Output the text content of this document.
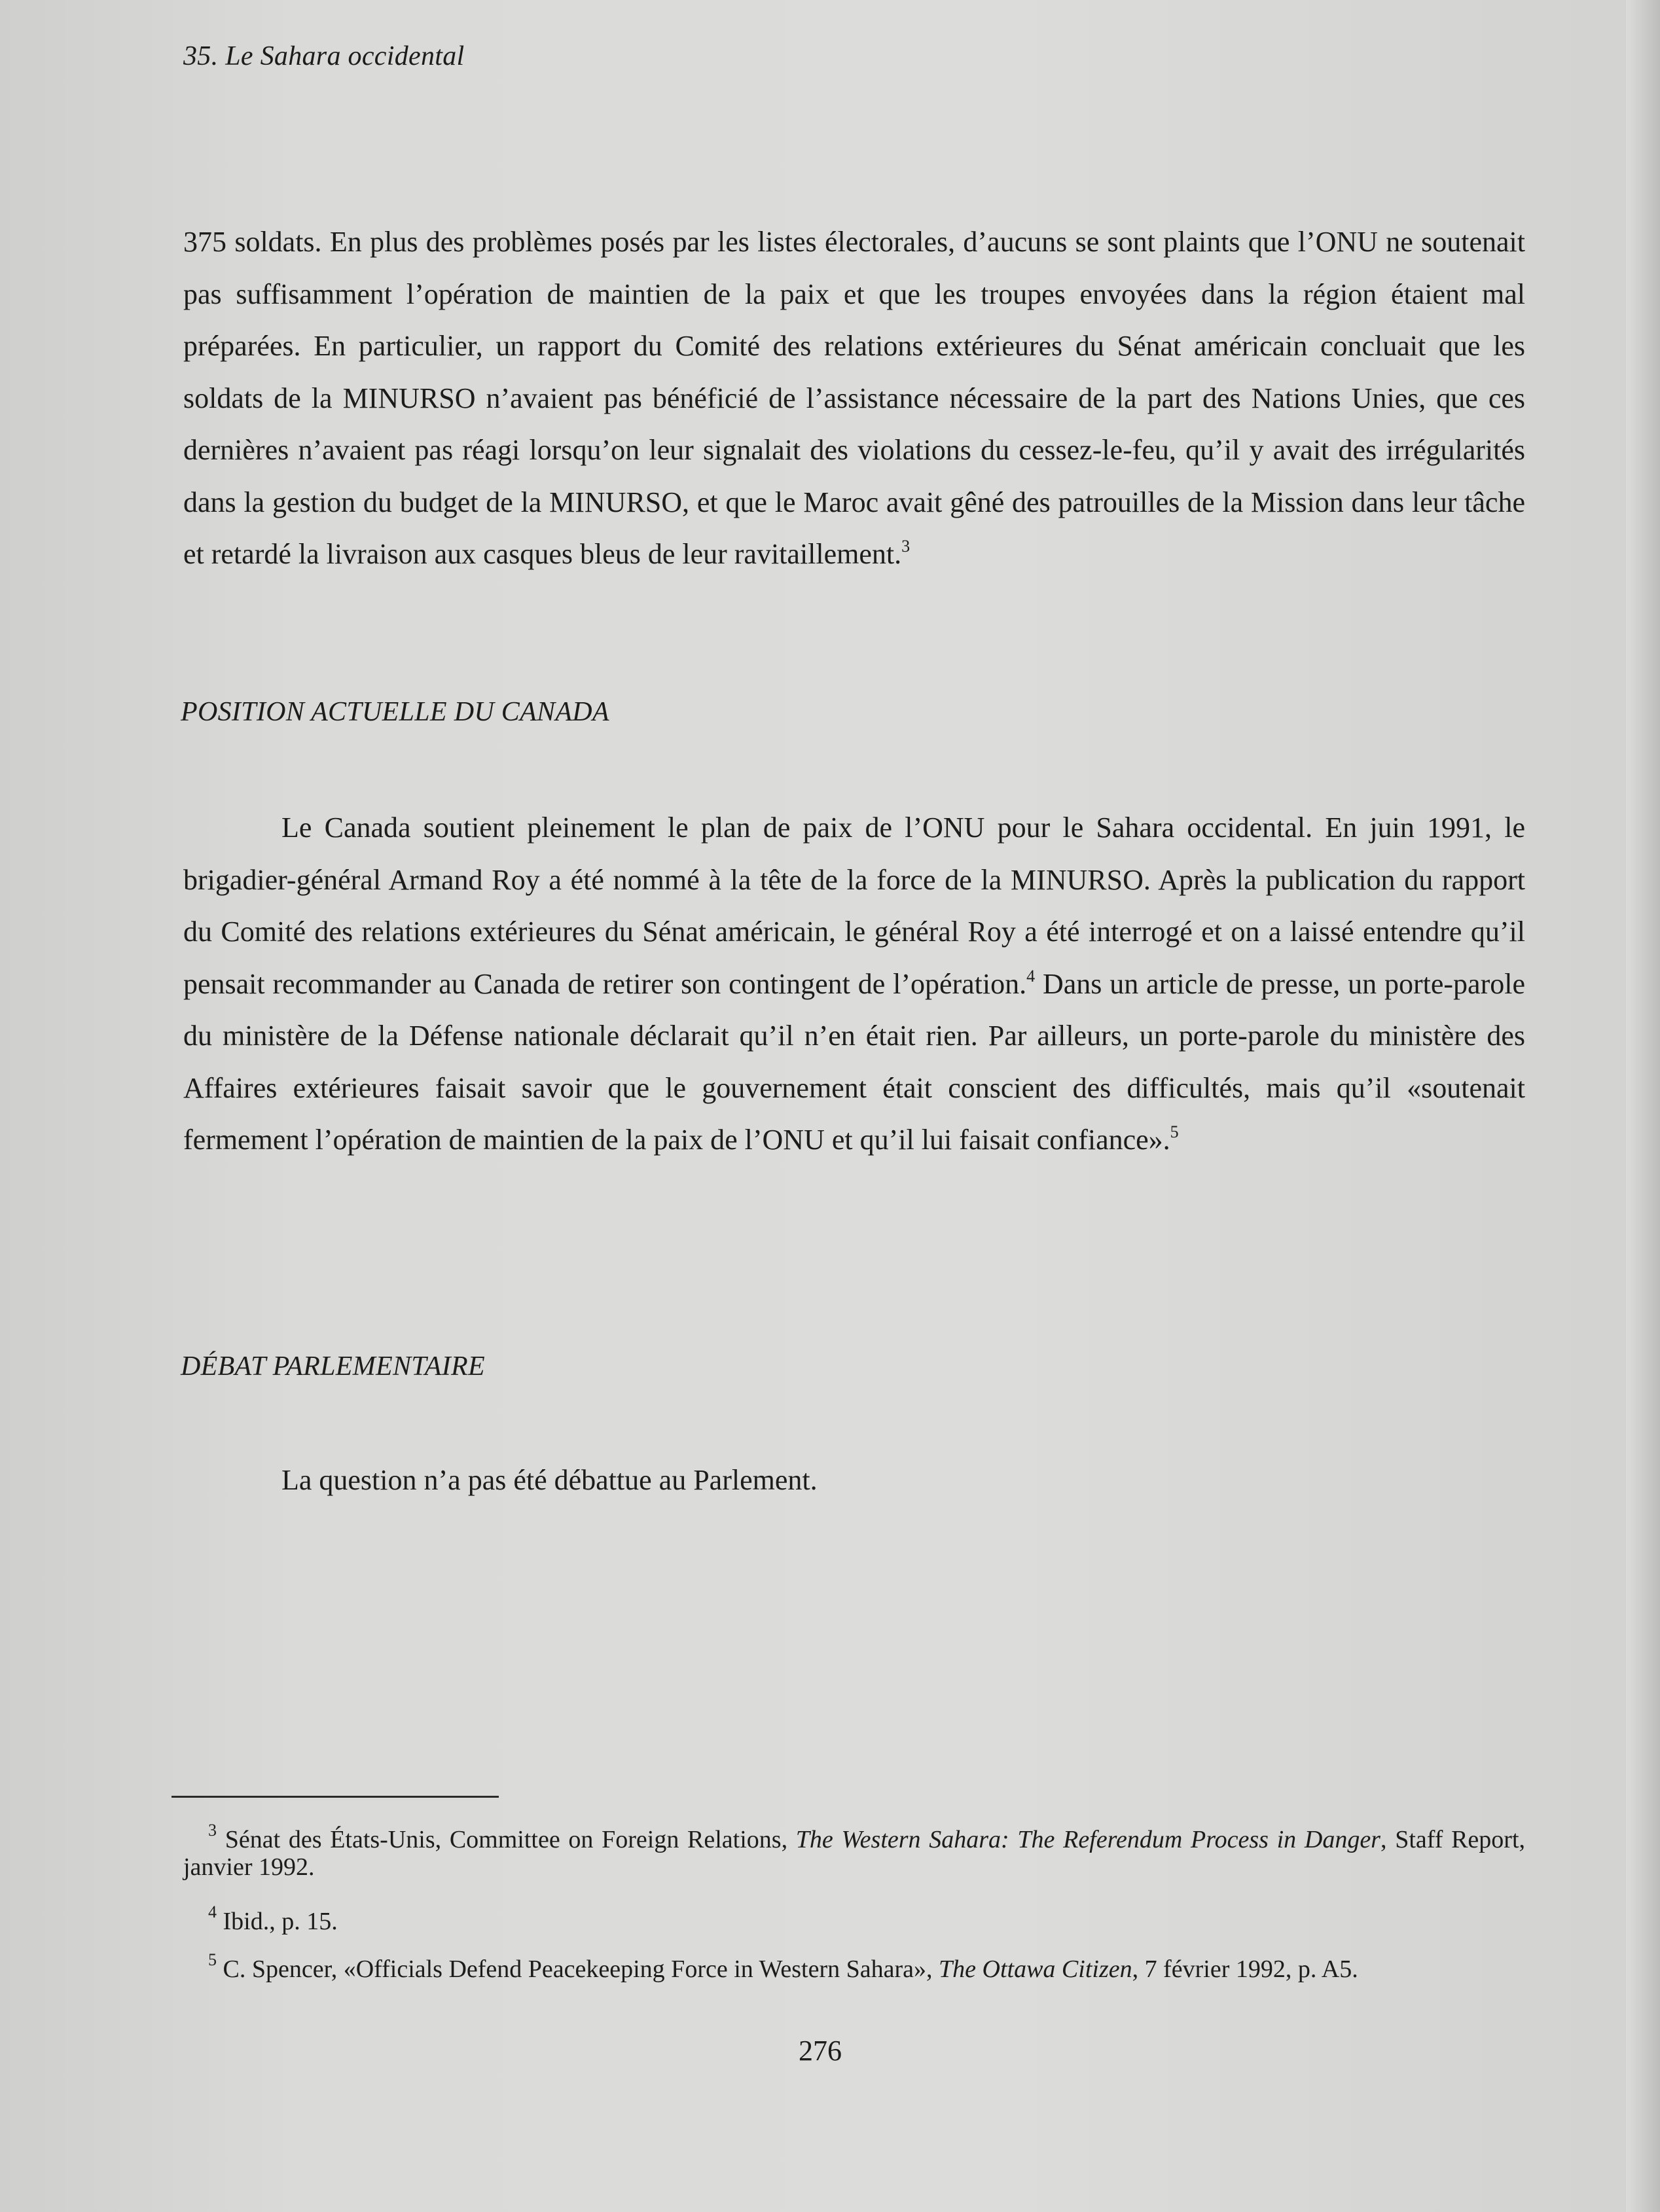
35. Le Sahara occidental

375 soldats. En plus des problèmes posés par les listes électorales, d’aucuns se sont plaints que l’ONU ne soutenait pas suffisamment l’opération de maintien de la paix et que les troupes envoyées dans la région étaient mal préparées. En particulier, un rapport du Comité des relations extérieures du Sénat américain concluait que les soldats de la MINURSO n’avaient pas bénéficié de l’assistance nécessaire de la part des Nations Unies, que ces dernières n’avaient pas réagi lorsqu’on leur signalait des violations du cessez-le-feu, qu’il y avait des irrégularités dans la gestion du budget de la MINURSO, et que le Maroc avait gêné des patrouilles de la Mission dans leur tâche et retardé la livraison aux casques bleus de leur ravitaillement.$^3$

POSITION ACTUELLE DU CANADA

Le Canada soutient pleinement le plan de paix de l’ONU pour le Sahara occidental. En juin 1991, le brigadier-général Armand Roy a été nommé à la tête de la force de la MINURSO. Après la publication du rapport du Comité des relations extérieures du Sénat américain, le général Roy a été interrogé et on a laissé entendre qu’il pensait recommander au Canada de retirer son contingent de l’opération.$^4$ Dans un article de presse, un porte-parole du ministère de la Défense nationale déclarait qu’il n’en était rien. Par ailleurs, un porte-parole du ministère des Affaires extérieures faisait savoir que le gouvernement était conscient des difficultés, mais qu’il «soutenait fermement l’opération de maintien de la paix de l’ONU et qu’il lui faisait confiance».$^5$

DÉBAT PARLEMENTAIRE

La question n’a pas été débattue au Parlement.

$^3$ Sénat des États-Unis, Committee on Foreign Relations, The Western Sahara: The Referendum Process in Danger, Staff Report, janvier 1992.

$^4$ Ibid., p. 15.

$^5$ C. Spencer, «Officials Defend Peacekeeping Force in Western Sahara», The Ottawa Citizen, 7 février 1992, p. A5.

276
